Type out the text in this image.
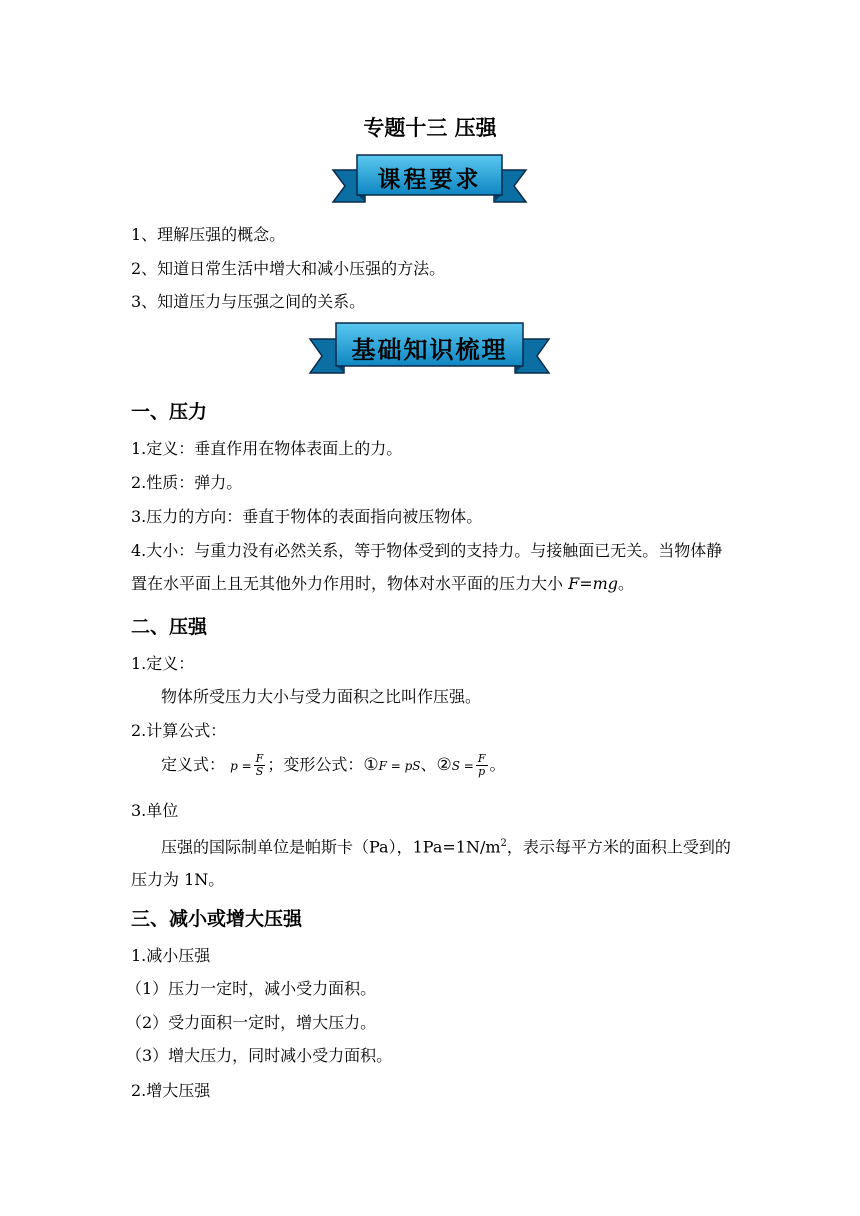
专题十三 压强
课程要求
1、理解压强的概念。
2、知道日常生活中增大和减小压强的方法。
3、知道压力与压强之间的关系。
基础知识梳理
一、压力
1.定义：垂直作用在物体表面上的力。
2.性质：弹力。
3.压力的方向：垂直于物体的表面指向被压物体。
4.大小：与重力没有必然关系，等于物体受到的支持力。与接触面已无关。当物体静置在水平面上且无其他外力作用时，物体对水平面的压力大小 F=mg。
二、压强
1.定义：
物体所受压力大小与受力面积之比叫作压强。
2.计算公式：
定义式： $p = \frac{F}{S}$ ；变形公式：①F = pS、②S = $\frac{F}{p}$ 。
3.单位
压强的国际制单位是帕斯卡（Pa），$1Pa=1N/m^2$，表示每平方米的面积上受到的压力为 1N。
三、减小或增大压强
1.减小压强
（1）压力一定时，减小受力面积。
（2）受力面积一定时，增大压力。
（3）增大压力，同时减小受力面积。
2.增大压强
